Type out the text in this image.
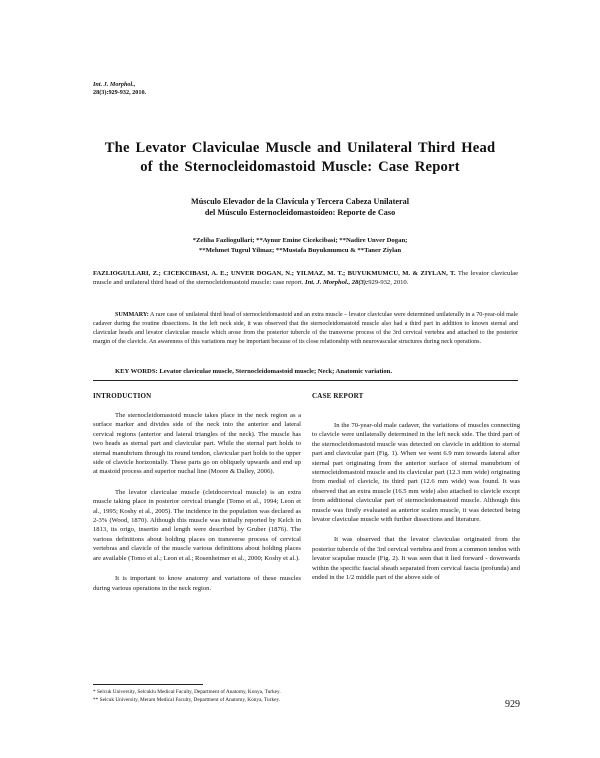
Int. J. Morphol.,
28(3):929-932, 2010.
The Levator Claviculae Muscle and Unilateral Third Head
of the Sternocleidomastoid Muscle: Case Report
Músculo Elevador de la Clavícula y Tercera Cabeza Unilateral
del Músculo Esternocleidomastoídeo: Reporte de Caso
*Zeliha Fazliogullari; **Aynur Emine Cicekcibasi; **Nadire Unver Dogan;
**Mehmet Tugrul Yilmaz; **Mustafa Buyukmumcu & **Taner Ziylan
FAZLIOGULLARI, Z.; CICEKCIBASI, A. E.; UNVER DOGAN, N.; YILMAZ, M. T.; BUYUKMUMCU, M. & ZIYLAN, T. The levator claviculae muscle and unilateral third head of the sternocleidomastoid muscle: case report. Int. J. Morphol., 28(3):929-932, 2010.
SUMMARY: A rare case of unilateral third head of sternocleidomastoid and an extra muscle – levator claviculae were determined unilaterally in a 70-year-old male cadaver during the routine dissections. In the left neck side, it was observed that the sternocleidomastoid muscle also had a third part in addition to known sternal and clavicular heads and levator claviculae muscle which arose from the posterior tubercle of the transverse process of the 3rd cervical vertebra and attached to the posterior margin of the clavicle. An awareness of this variations may be important because of its close relationship with neurovascular structures during neck operations.
KEY WORDS: Levator claviculae muscle, Sternocleidomastoid muscle; Neck; Anatomic variation.
INTRODUCTION

The sternocleidomastoid muscle takes place in the neck region as a surface marker and divides side of the neck into the anterior and lateral cervical regions (anterior and lateral triangles of the neck). The muscle has two heads as sternal part and clavicular part. While the sternal part holds to sternal manubrium through its round tendon, clavicular part holds to the upper side of clavicle horizontally. These parts go on obliquely upwards and end up at mastoid process and superior nuchal line (Moore & Dalley, 2006).

The levator claviculae muscle (cleidocervical muscle) is an extra muscle taking place in posterior cervical triangle (Tomo et al., 1994; Leon et al., 1995; Koshy et al., 2005). The incidence in the population was declared as 2-3% (Wood, 1870). Although this muscle was initially reported by Kelch in 1813, its origo, insertio and length were described by Gruber (1876). The various definitions about holding places on transverse process of cervical vertebras and clavicle of the muscle various definitions about holding places are available (Tomo et al.; Leon et al.; Rosenheimer et al., 2000; Koshy et al.).

It is important to know anatomy and variations of these muscles during various operations in the neck region.

CASE REPORT

In the 70-year-old male cadaver, the variations of muscles connecting to clavicle were unilaterally determined in the left neck side. The third part of the sternocleidomastoid muscle was detected on clavicle in addition to sternal part and clavicular part (Fig. 1). When we went 6.9 mm towards lateral after sternal part originating from the anterior surface of sternal manubrium of sternocleidomastoid muscle and its clavicular part (12.3 mm wide) originating from medial of clavicle, its third part (12.6 mm wide) was found. It was observed that an extra muscle (16.5 mm wide) also attached to clavicle except from additional clavicular part of sternocleidomastoid muscle. Although this muscle was firstly evaluated as anterior scalen muscle, it was detected being levator claviculae muscle with further dissections and literature.

It was observed that the levator claviculae originated from the posterior tubercle of the 3rd cervical vertebra and from a common tendon with levator scapulae muscle (Fig. 2). It was seen that it lied forward - downwards within the specific fascial sheath separated from cervical fascia (profunda) and ended in the 1/2 middle part of the above side of

* Selcuk University, Selcuklu Medical Faculty, Department of Anatomy, Konya, Turkey.
** Selcuk University, Meram Medical Faculty, Department of Anatomy, Konya, Turkey.	929
